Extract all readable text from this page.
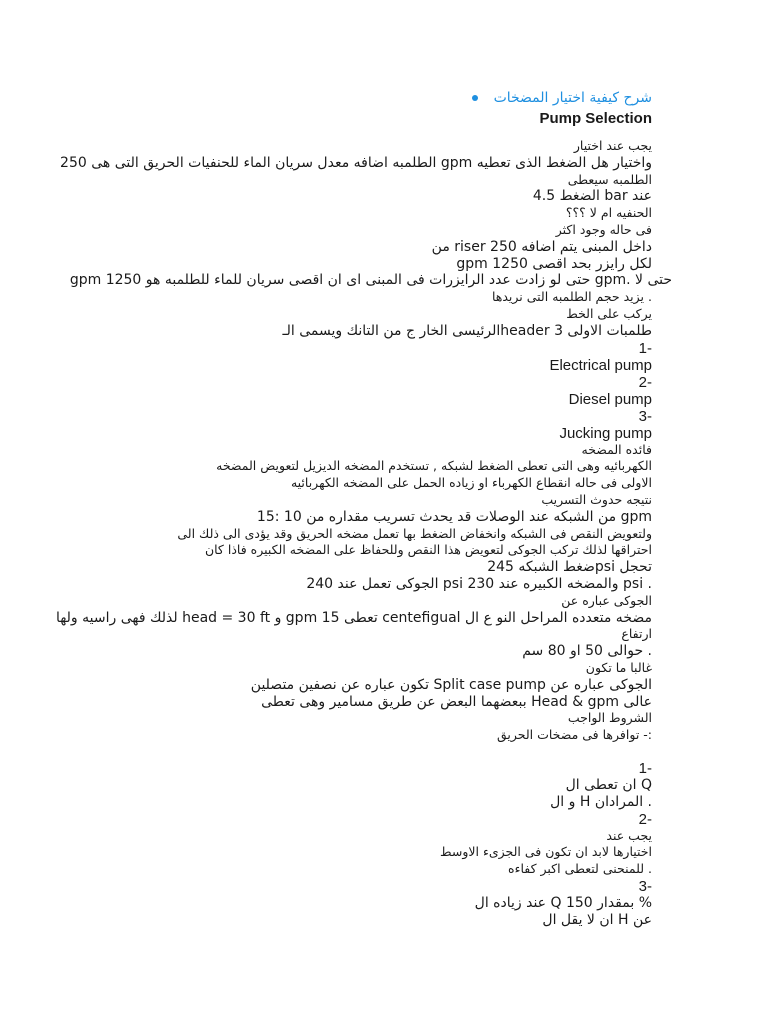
شرح كيفية اختيار المضخات
Pump Selection
يجب عند اختيار
واختيار هل الضغط الذى تعطيه gpm الطلمبه اضافه معدل سريان الماء للحنفيات الحريق التى هى 250
الطلمبه سيعطى
عند bar الضغط 4.5
الحنفيه ام لا ؟؟؟
فى حاله وجود اكثر
داخل المبنى يتم اضافه 250 riser من
لكل رايزر بحد اقصى 1250 gpm
حتى لا .gpm حتى لو زادت عدد الرايزرات فى المبنى اى ان اقصى سريان للماء للطلمبه هو 1250 gpm
. يزيد حجم الطلمبه التى نريدها
يركب على الخط
طلمبات الاولى 3 headerالرئيسى الخار ج من التانك ويسمى الـ
1-
Electrical pump
2-
Diesel pump
3-
Jucking pump
فائده المضخه
الكهربائيه وهى التى تعطى الضغط لشبكه , تستخدم المضخه الديزيل لتعويض المضخه
الاولى فى حاله انقطاع الكهرباء او زياده الحمل على المضخه الكهربائيه
نتيجه حدوث التسريب
gpm من الشبكه عند الوصلات قد يحدث تسريب مقداره من 10 :15
ولتعويض النقص فى الشبكه وانخفاض الضغط بها تعمل مضخه الحريق وقد يؤدى الى ذلك الى
احتراقها لذلك تركب الجوكى لتعويض هذا النقص وللحفاظ على المضخه الكبيره فاذا كان
تحجل psiضغط الشبكه 245
. psi والمضخه الكبيره عند 230 psi الجوكى تعمل عند 240
الجوكى عباره عن
مضخه متعدده المراحل النو ع ال centefigual تعطى 15 gpm و head = 30 ft لذلك فهى راسيه ولها
ارتفاع
. حوالى 50 او 80 سم
غالبا ما تكون
الجوكى عباره عن Split case pump تكون عباره عن نصفين متصلين
عالى Head & gpm ببعضهما البعض عن طريق مسامير وهى تعطى
الشروط الواجب
:- توافرها فى مضخات الحريق
1-
Q ان تعطى ال
. المرادان H و ال
2-
يجب عند
اختيارها لابد ان تكون فى الجزىء الاوسط
. للمنحنى لتعطى اكبر كفاءه
3-
% بمقدار 150 Q عند زياده ال
عن H ان لا يقل ال
